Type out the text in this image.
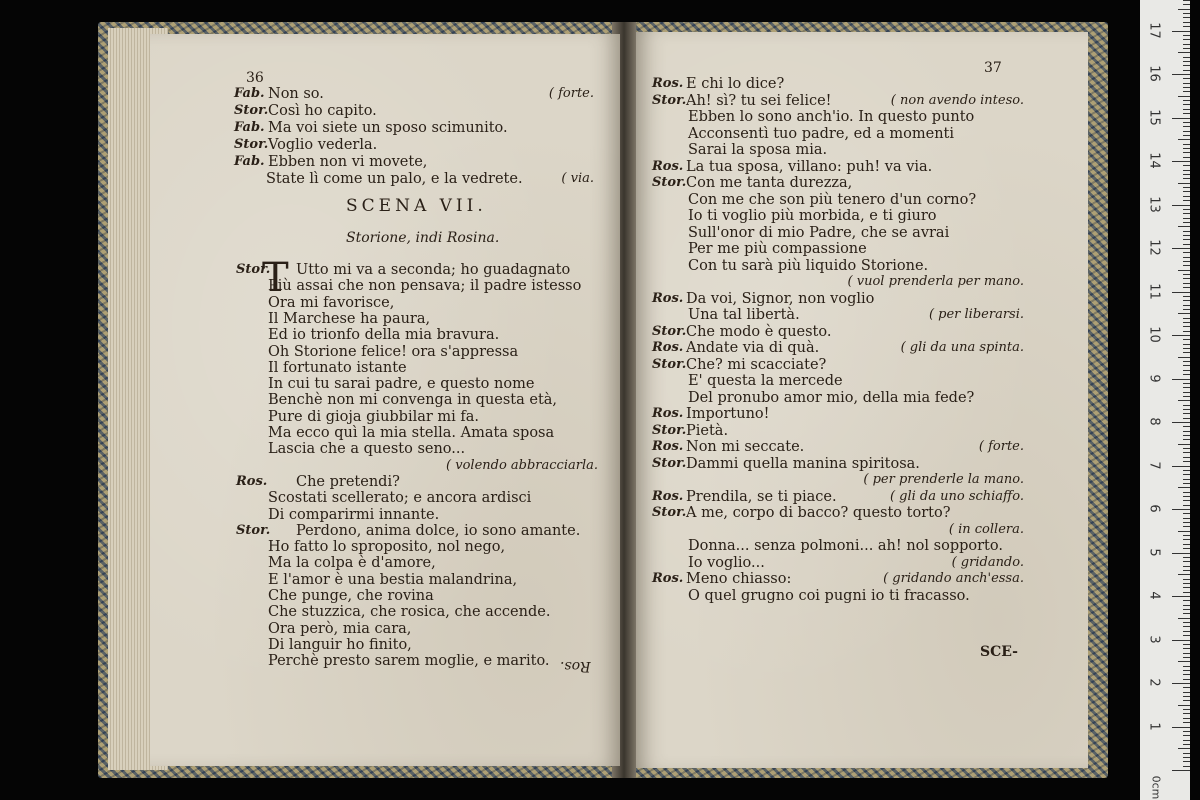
36
Fab. Non so.	( forte.
Stor. Così ho capito.
Fab. Ma voi siete un sposo scimunito.
Stor. Voglio vederla.
Fab. Ebben non vi movete,
State lì come un palo, e la vedrete.	( via.
SCENA VII.
Storione, indi Rosina.
T
Stor. Utto mi va a seconda; ho guadagnato
Più assai che non pensava; il padre istesso
Ora mi favorisce,
Il Marchese ha paura,
Ed io trionfo della mia bravura.
Oh Storione felice! ora s'appressa
Il fortunato istante
In cui tu sarai padre, e questo nome
Benchè non mi convenga in questa età,
Pure di gioja giubbilar mi fa.
Ma ecco quì la mia stella. Amata sposa
Lascia che a questo seno...
( volendo abbracciarla.
Ros. Che pretendi?
Scostati scellerato; e ancora ardisci
Di comparirmi innante.
Stor. Perdono, anima dolce, io sono amante.
Ho fatto lo sproposito, nol nego,
Ma la colpa è d'amore,
E l'amor è una bestia malandrina,
Che punge, che rovina
Che stuzzica, che rosica, che accende.
Ora però, mia cara,
Di languir ho finito,
Perchè presto sarem moglie, e marito. Ros.
37
Ros. E chi lo dice?
Stor. Ah! sì? tu sei felice!	( non avendo inteso.
Ebben lo sono anch'io. In questo punto
Acconsentì tuo padre, ed a momenti
Sarai la sposa mia.
Ros. La tua sposa, villano: puh! va via.
Stor. Con me tanta durezza,
Con me che son più tenero d'un corno?
Io ti voglio più morbida, e ti giuro
Sull'onor di mio Padre, che se avrai
Per me più compassione
Con tu sarà più liquido Storione.
( vuol prenderla per mano.
Ros. Da voi, Signor, non voglio
Una tal libertà.	( per liberarsi.
Stor. Che modo è questo.
Ros. Andate via di quà.	( gli da una spinta.
Stor. Che? mi scacciate?
E' questa la mercede
Del pronubo amor mio, della mia fede?
Ros. Importuno!
Stor. Pietà.
Ros. Non mi seccate.	( forte.
Stor. Dammi quella manina spiritosa.
( per prenderle la mano.
Ros. Prendila, se ti piace.	( gli da uno schiaffo.
Stor. A me, corpo di bacco? questo torto?
( in collera.
Donna... senza polmoni... ah! nol sopporto.
Io voglio...	( gridando.
Ros. Meno chiasso:	( gridando anch'essa.
O quel grugno coi pugni io ti fracasso.
SCE-
1
2
3
4
5
6
7
8
9
10
11
12
13
14
15
16
17
0cm
